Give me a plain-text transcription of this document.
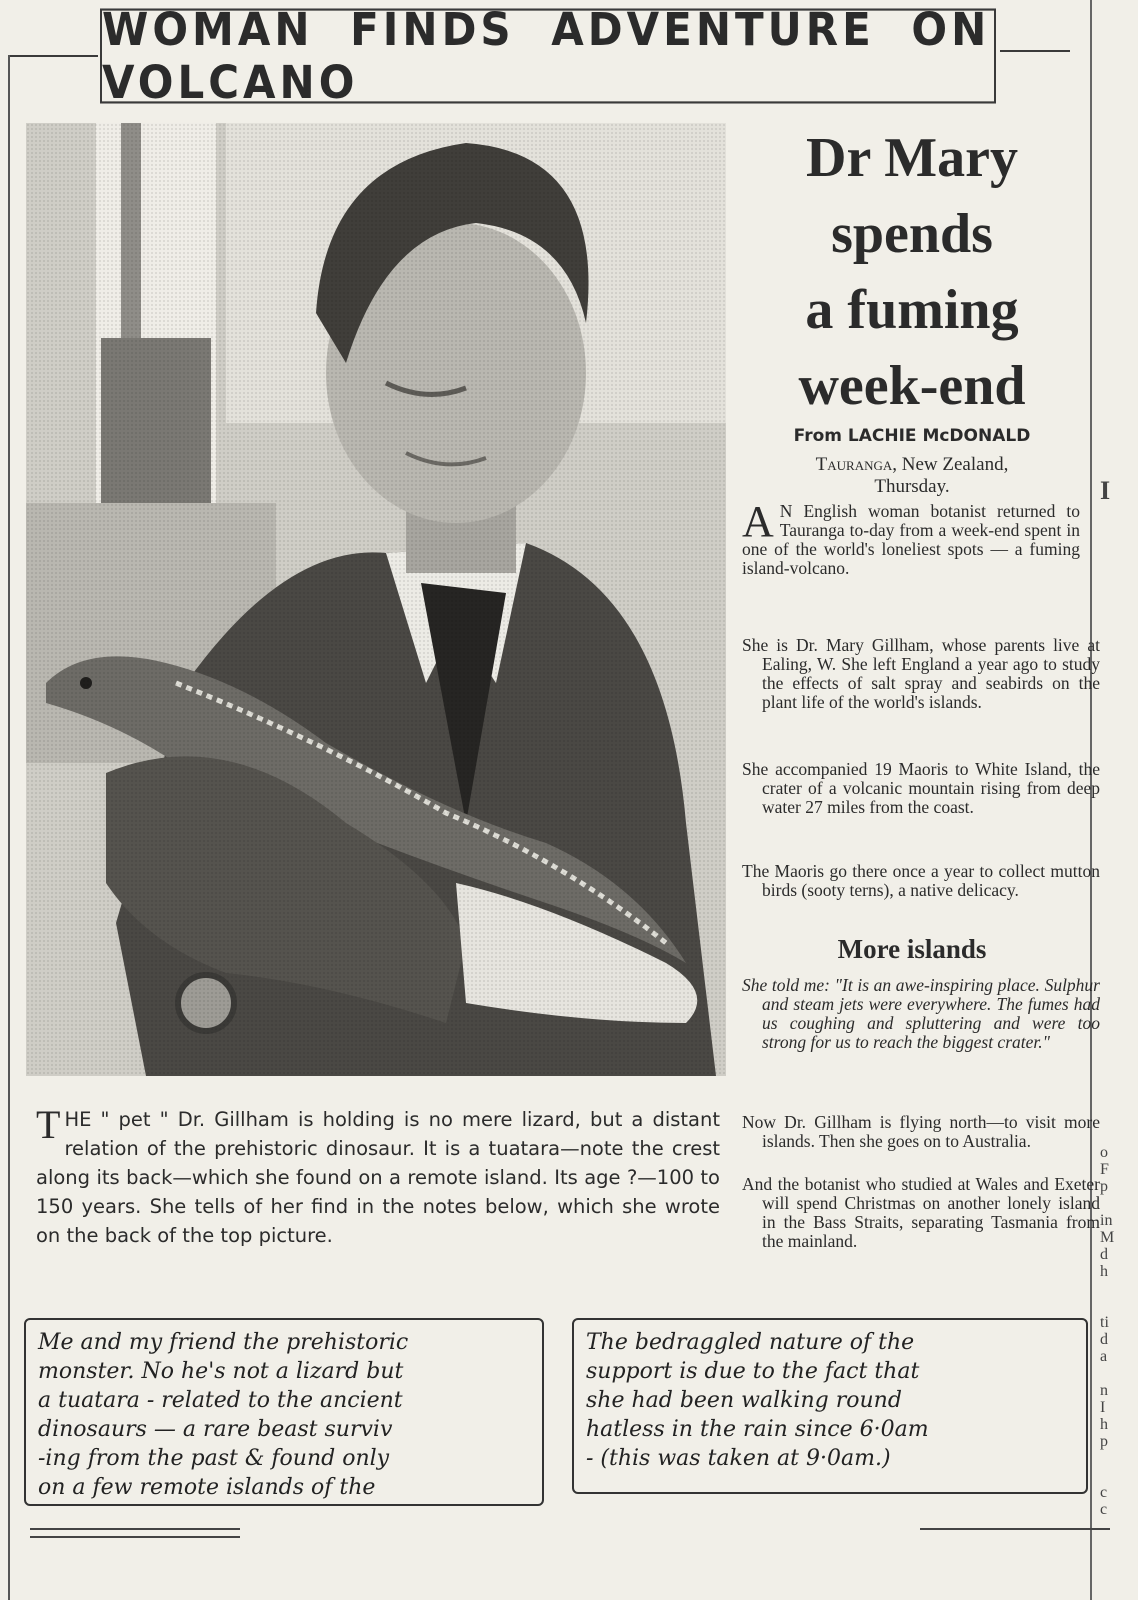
WOMAN FINDS ADVENTURE ON VOLCANO
Dr Mary
spends
a fuming
week-end
From LACHIE McDONALD
Tauranga, New Zealand,
Thursday.

A N English woman botanist returned to Tauranga to-day from a week-end spent in one of the world's loneliest spots — a fuming island-volcano.

She is Dr. Mary Gillham, whose parents live at Ealing, W. She left England a year ago to study the effects of salt spray and seabirds on the plant life of the world's islands.
She accompanied 19 Maoris to White Island, the crater of a volcanic mountain rising from deep water 27 miles from the coast.
The Maoris go there once a year to collect mutton birds (sooty terns), a native delicacy.
More islands
She told me: "It is an awe-inspiring place. Sulphur and steam jets were everywhere. The fumes had us coughing and spluttering and were too strong for us to reach the biggest crater."
Now Dr. Gillham is flying north—to visit more islands. Then she goes on to Australia.
And the botanist who studied at Wales and Exeter will spend Christmas on another lonely island in the Bass Straits, separating Tasmania from the mainland.
THE " pet " Dr. Gillham is holding is no mere lizard, but a distant relation of the prehistoric dinosaur. It is a tuatara—note the crest along its back—which she found on a remote island. Its age ?—100 to 150 years. She tells of her find in the notes below, which she wrote on the back of the top picture.
Me and my friend the prehistoric
monster. No he's not a lizard but
a tuatara - related to the ancient
dinosaurs — a rare beast surviv
-ing from the past & found only
on a few remote islands of the
The bedraggled nature of the
support is due to the fact that
she had been walking round
hatless in the rain since 6·0am
- (this was taken at 9·0am.)
I
o
F
p
in
M
d
h
ti
d
a
n
I
h
p
c
c
